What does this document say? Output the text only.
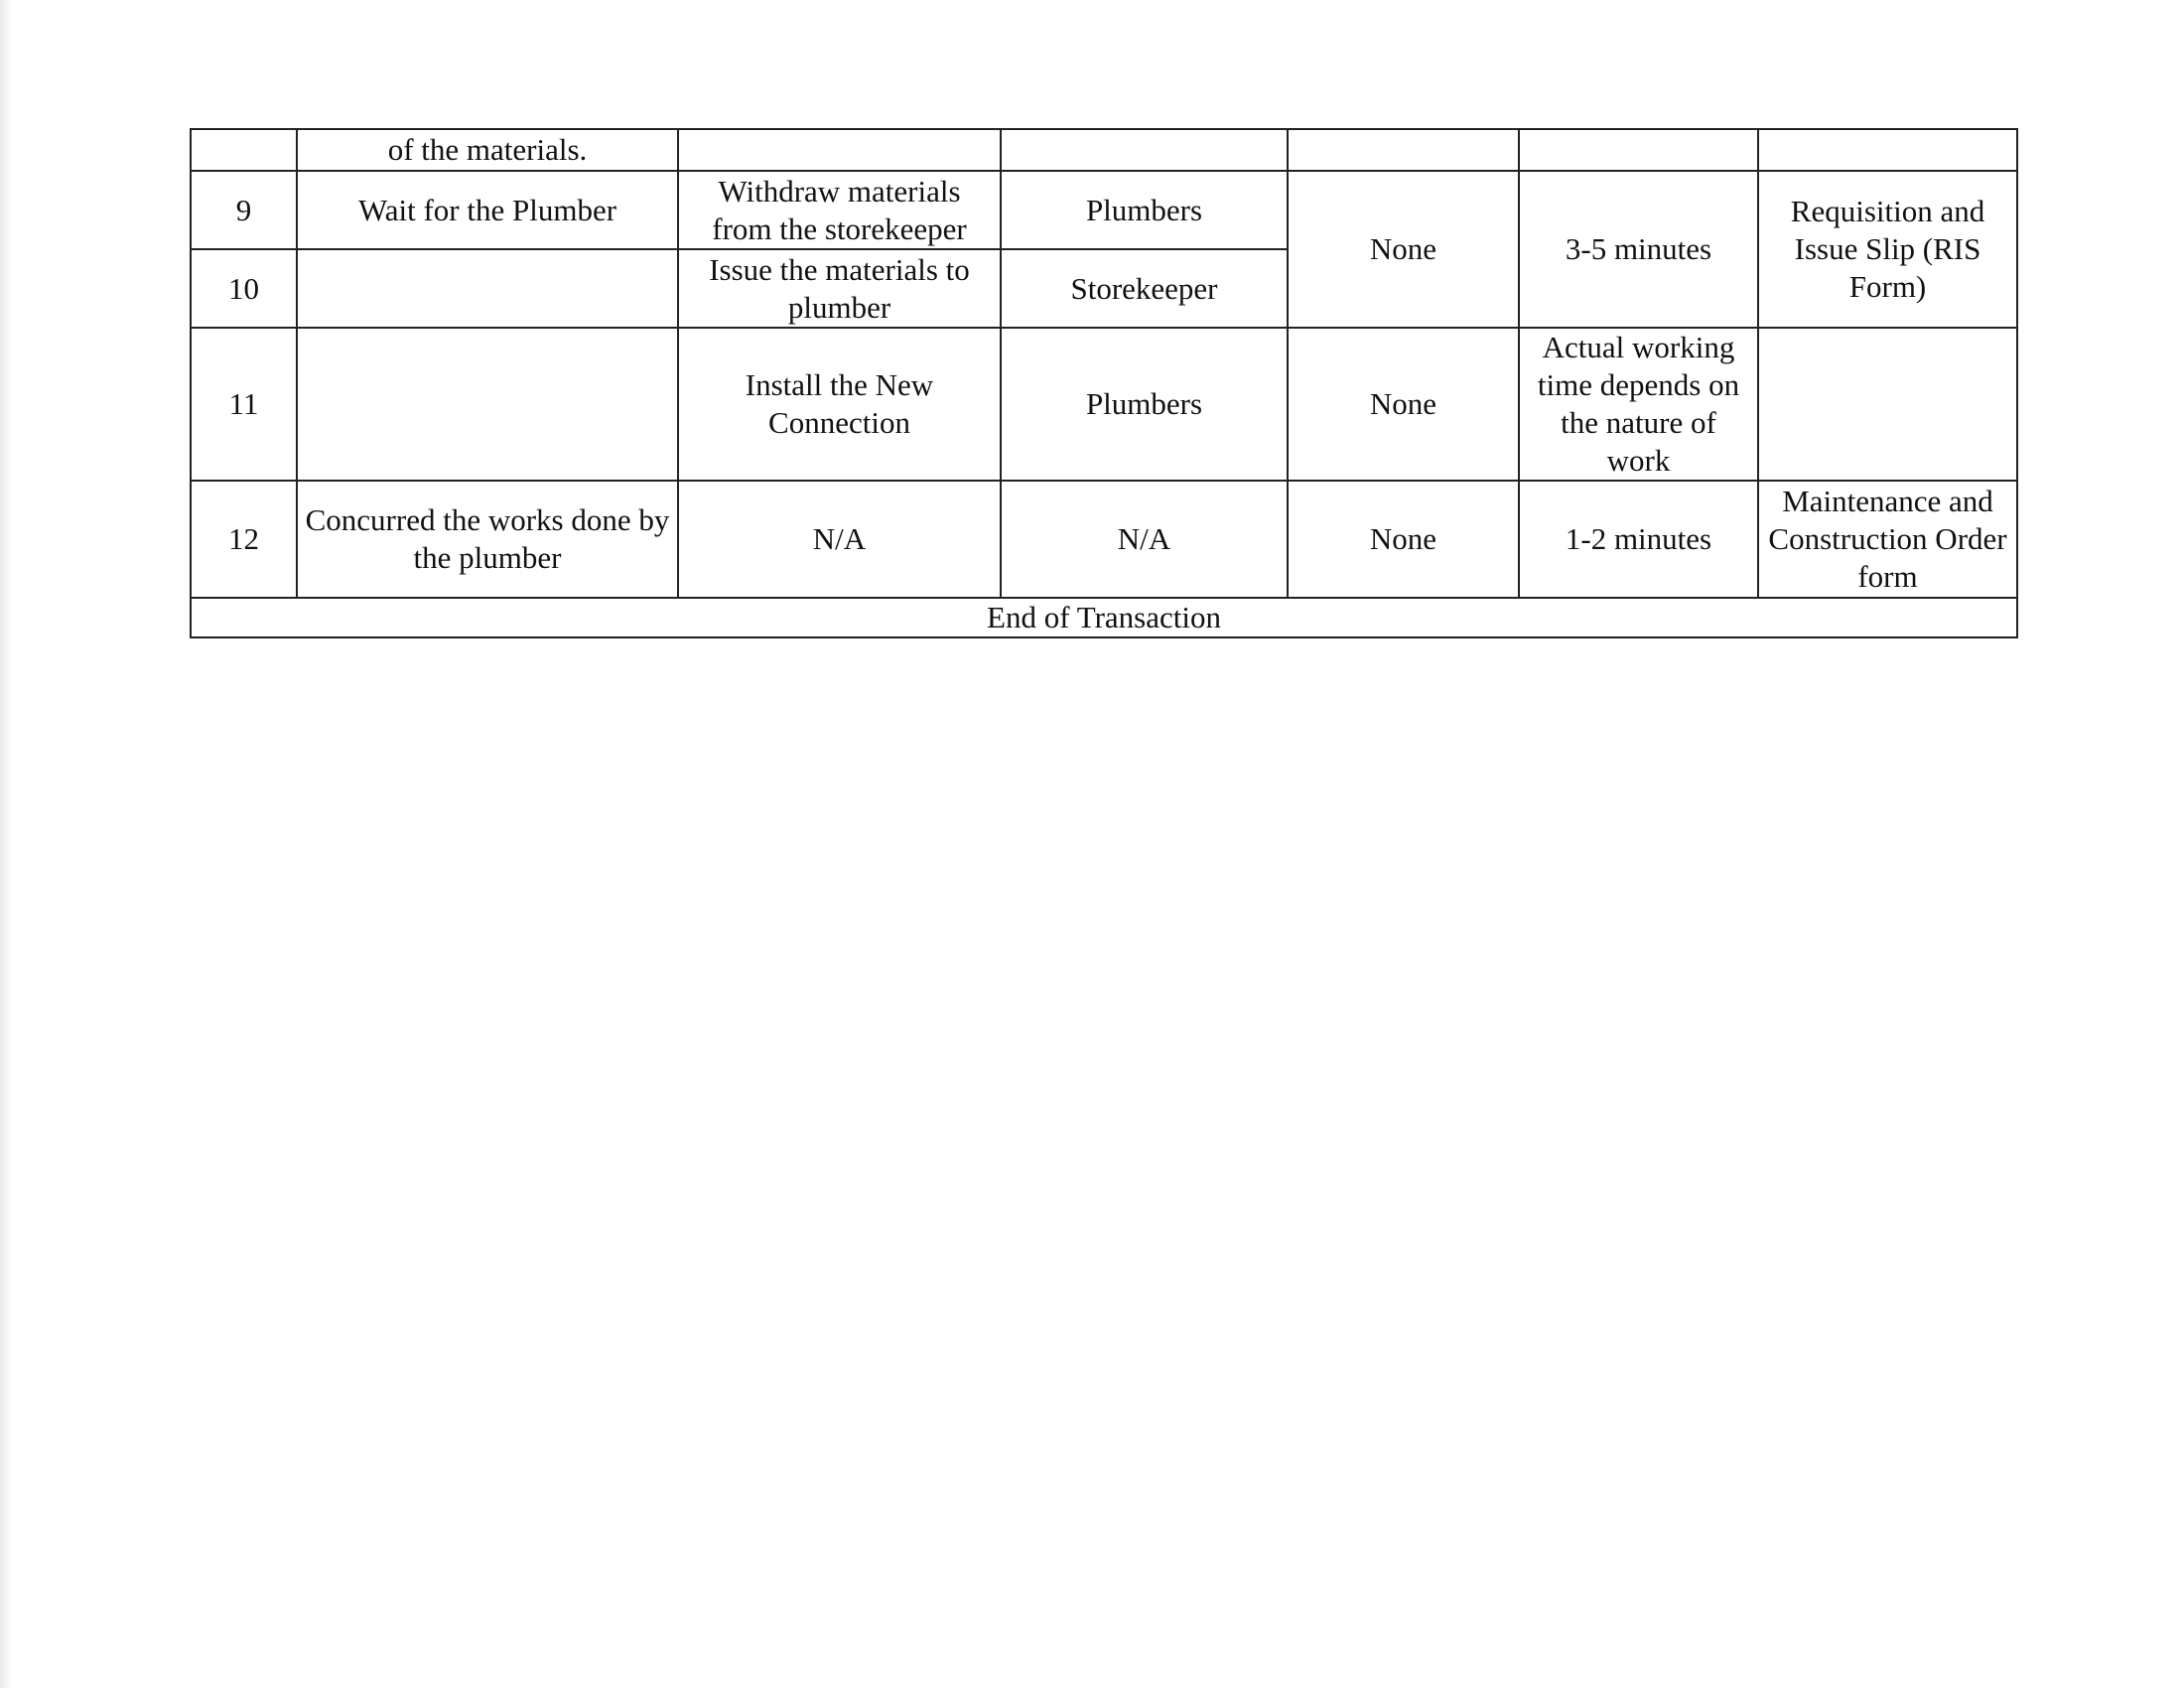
	of the materials.					
9	Wait for the Plumber	Withdraw materials from the storekeeper	Plumbers	None	3-5 minutes	Requisition and Issue Slip (RIS Form)
10		Issue the materials to plumber	Storekeeper			
11		Install the New Connection	Plumbers	None	Actual working time depends on the nature of work	
12	Concurred the works done by the plumber	N/A	N/A	None	1-2 minutes	Maintenance and Construction Order form
End of Transaction						
